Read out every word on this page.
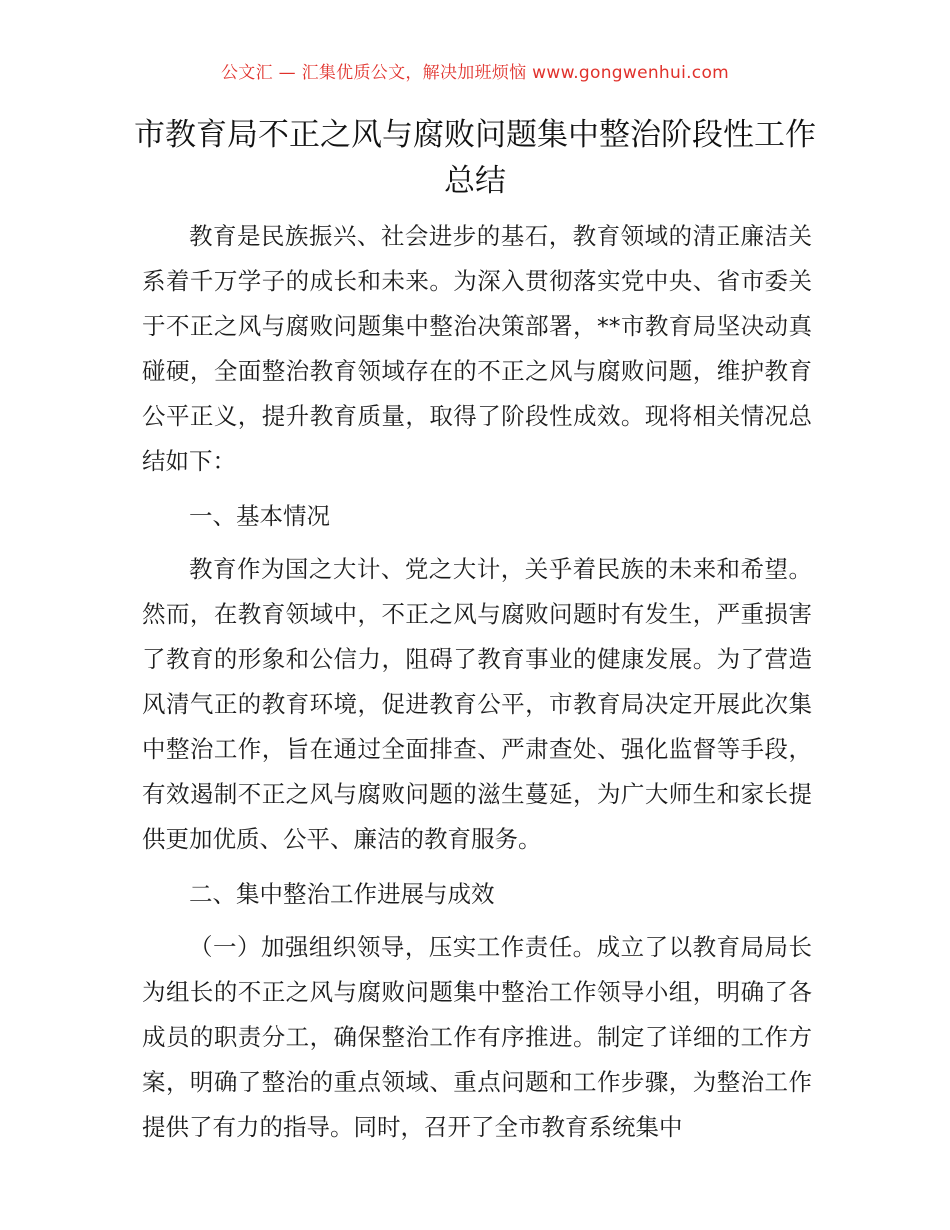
公文汇 — 汇集优质公文，解决加班烦恼 www.gongwenhui.com
市教育局不正之风与腐败问题集中整治阶段性工作总结

教育是民族振兴、社会进步的基石，教育领域的清正廉洁关系着千万学子的成长和未来。为深入贯彻落实党中央、省市委关于不正之风与腐败问题集中整治决策部署，**市教育局坚决动真碰硬，全面整治教育领域存在的不正之风与腐败问题，维护教育公平正义，提升教育质量，取得了阶段性成效。现将相关情况总结如下：

一、基本情况

教育作为国之大计、党之大计，关乎着民族的未来和希望。然而，在教育领域中，不正之风与腐败问题时有发生，严重损害了教育的形象和公信力，阻碍了教育事业的健康发展。为了营造风清气正的教育环境，促进教育公平，市教育局决定开展此次集中整治工作，旨在通过全面排查、严肃查处、强化监督等手段，有效遏制不正之风与腐败问题的滋生蔓延，为广大师生和家长提供更加优质、公平、廉洁的教育服务。

二、集中整治工作进展与成效

（一）加强组织领导，压实工作责任。成立了以教育局局长为组长的不正之风与腐败问题集中整治工作领导小组，明确了各成员的职责分工，确保整治工作有序推进。制定了详细的工作方案，明确了整治的重点领域、重点问题和工作步骤，为整治工作提供了有力的指导。同时，召开了全市教育系统集中
